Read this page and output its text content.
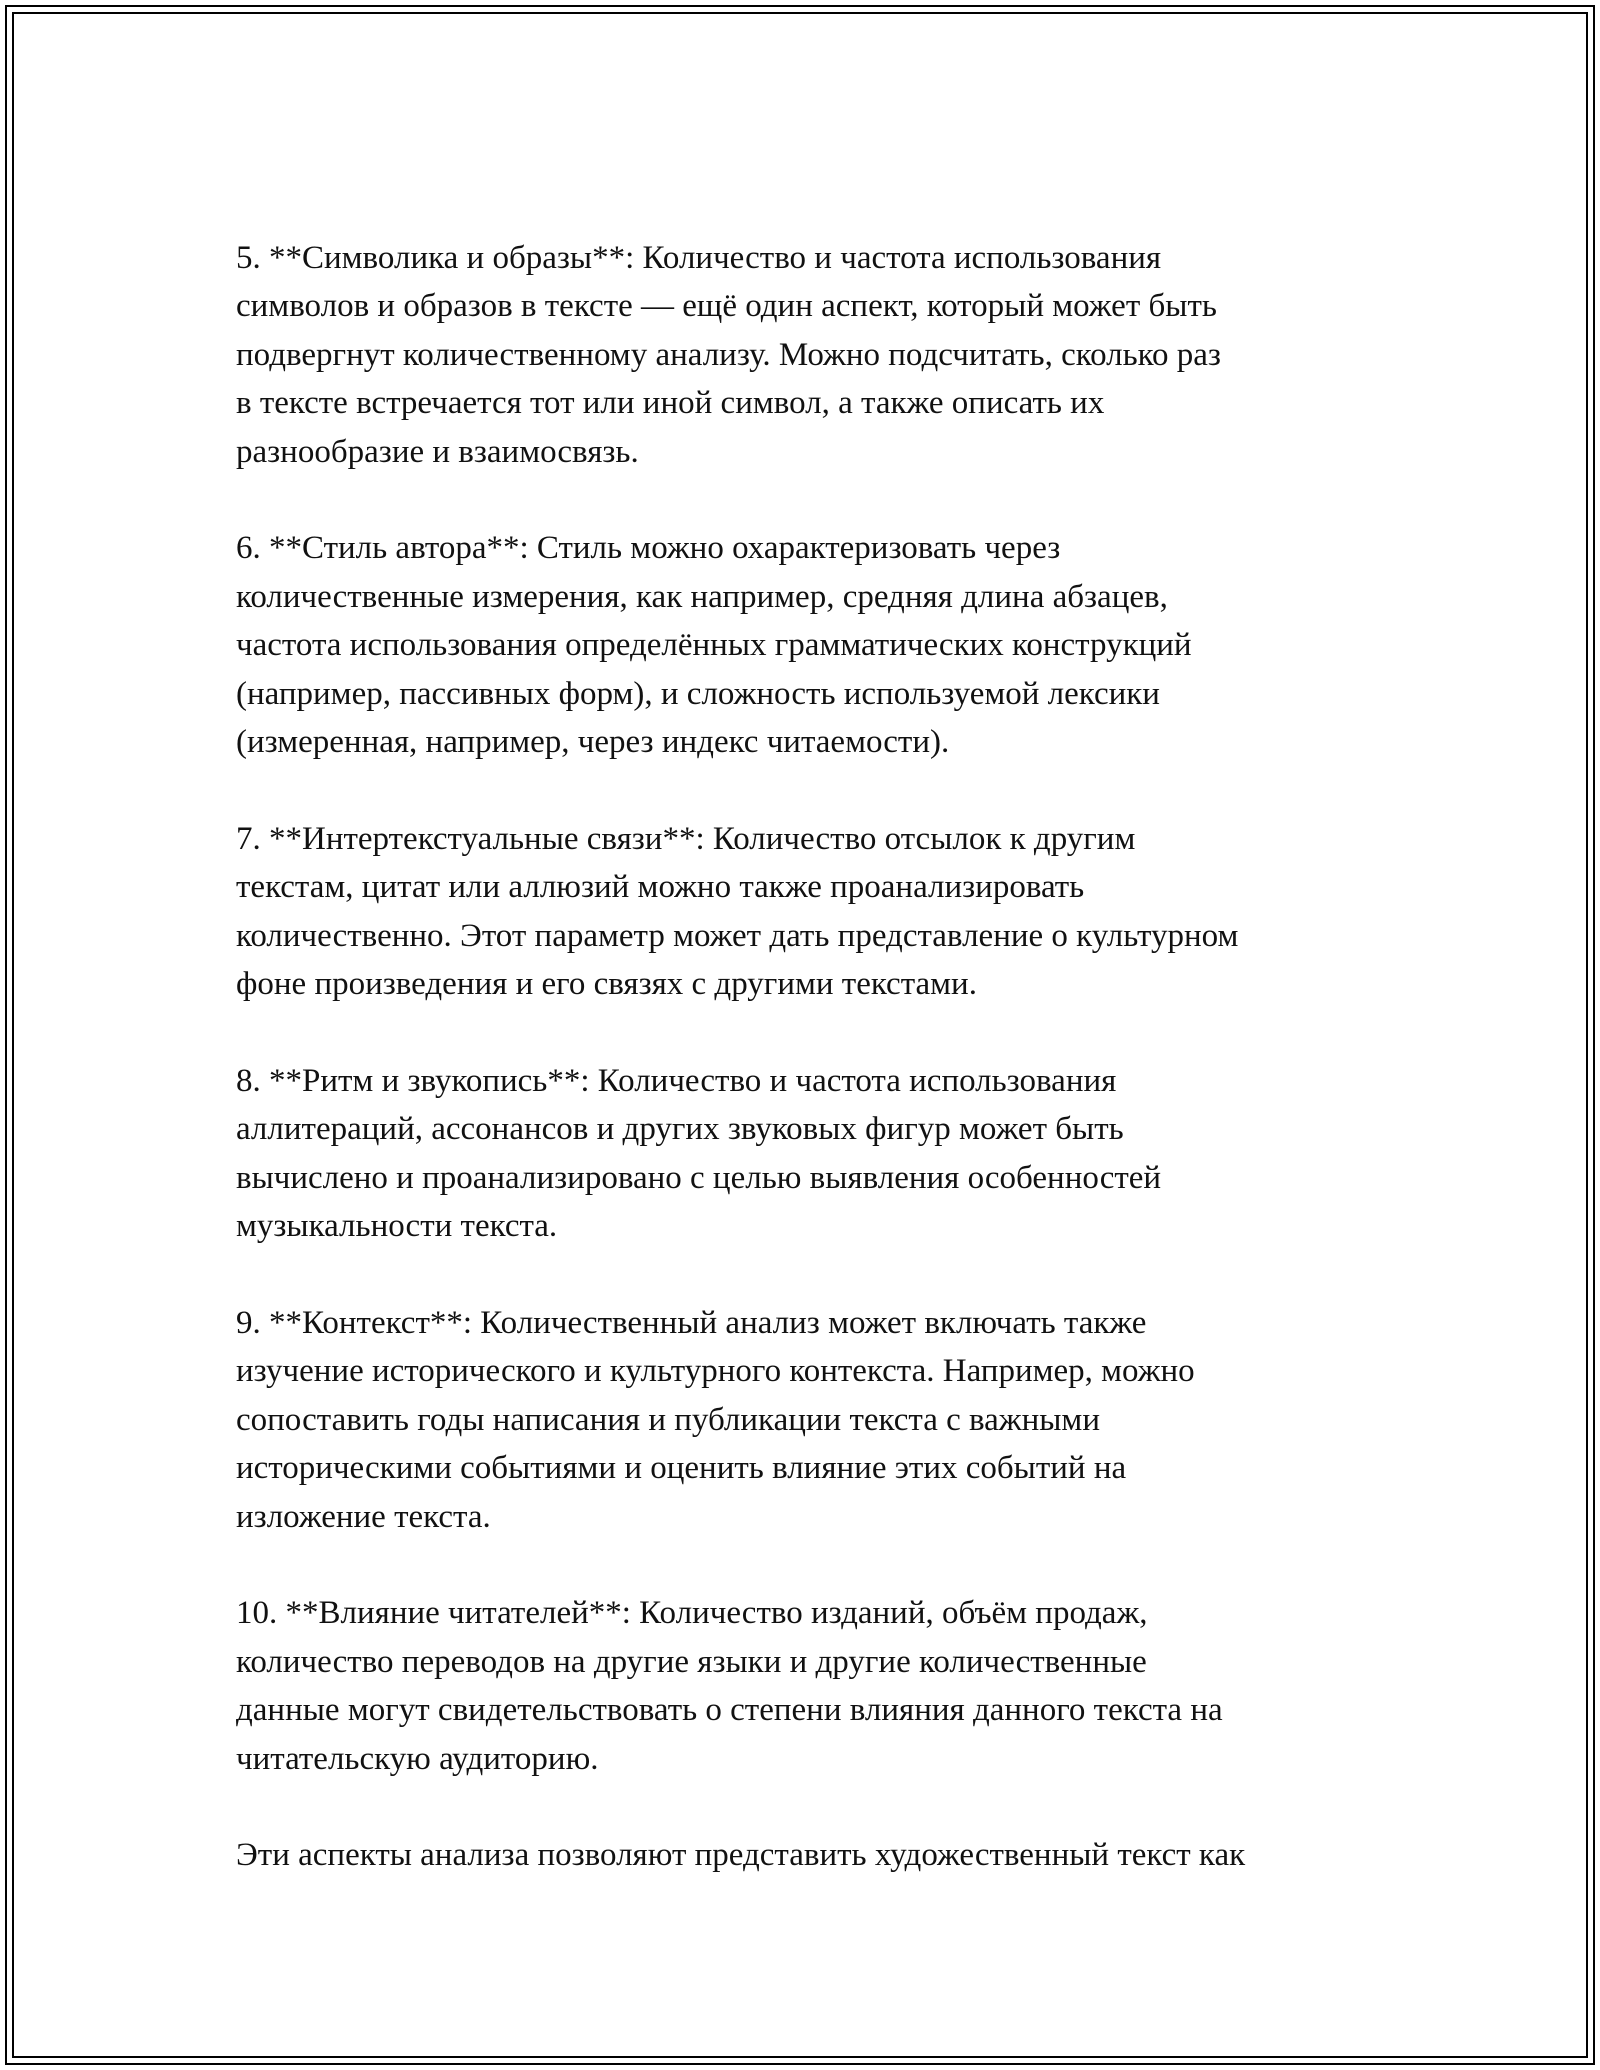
5. **Символика и образы**: Количество и частота использования
символов и образов в тексте — ещё один аспект, который может быть
подвергнут количественному анализу. Можно подсчитать, сколько раз
в тексте встречается тот или иной символ, а также описать их
разнообразие и взаимосвязь.

6. **Стиль автора**: Стиль можно охарактеризовать через
количественные измерения, как например, средняя длина абзацев,
частота использования определённых грамматических конструкций
(например, пассивных форм), и сложность используемой лексики
(измеренная, например, через индекс читаемости).

7. **Интертекстуальные связи**: Количество отсылок к другим
текстам, цитат или аллюзий можно также проанализировать
количественно. Этот параметр может дать представление о культурном
фоне произведения и его связях с другими текстами.

8. **Ритм и звукопись**: Количество и частота использования
аллитераций, ассонансов и других звуковых фигур может быть
вычислено и проанализировано с целью выявления особенностей
музыкальности текста.

9. **Контекст**: Количественный анализ может включать также
изучение исторического и культурного контекста. Например, можно
сопоставить годы написания и публикации текста с важными
историческими событиями и оценить влияние этих событий на
изложение текста.

10. **Влияние читателей**: Количество изданий, объём продаж,
количество переводов на другие языки и другие количественные
данные могут свидетельствовать о степени влияния данного текста на
читательскую аудиторию.

Эти аспекты анализа позволяют представить художественный текст как
